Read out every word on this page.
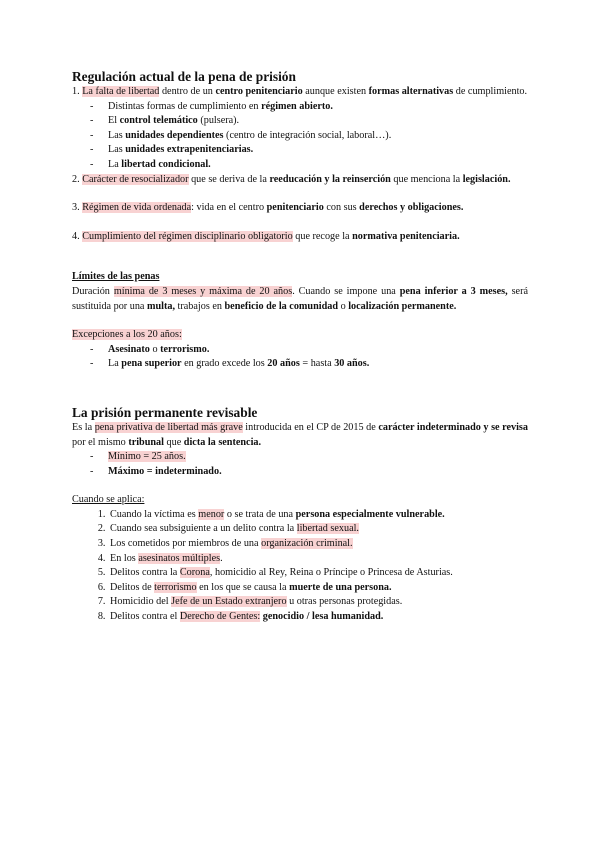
Regulación actual de la pena de prisión

1. La falta de libertad dentro de un centro penitenciario aunque existen formas alternativas de cumplimiento.

- Distintas formas de cumplimiento en régimen abierto.
- El control telemático (pulsera).
- Las unidades dependientes (centro de integración social, laboral…).
- Las unidades extrapenitenciarias.
- La libertad condicional.

2. Carácter de resocializador que se deriva de la reeducación y la reinserción que menciona la legislación.

3. Régimen de vida ordenada: vida en el centro penitenciario con sus derechos y obligaciones.

4. Cumplimiento del régimen disciplinario obligatorio que recoge la normativa penitenciaria.

Límites de las penas

Duración mínima de 3 meses y máxima de 20 años. Cuando se impone una pena inferior a 3 meses, será sustituida por una multa, trabajos en beneficio de la comunidad o localización permanente.

Excepciones a los 20 años:

- Asesinato o terrorismo.
- La pena superior en grado excede los 20 años = hasta 30 años.
La prisión permanente revisable

Es la pena privativa de libertad más grave introducida en el CP de 2015 de carácter indeterminado y se revisa por el mismo tribunal que dicta la sentencia.

- Mínimo = 25 años.
- Máximo = indeterminado.

Cuando se aplica:

1. Cuando la víctima es menor o se trata de una persona especialmente vulnerable.
2. Cuando sea subsiguiente a un delito contra la libertad sexual.
3. Los cometidos por miembros de una organización criminal.
4. En los asesinatos múltiples.
5. Delitos contra la Corona, homicidio al Rey, Reina o Príncipe o Princesa de Asturias.
6. Delitos de terrorismo en los que se causa la muerte de una persona.
7. Homicidio del Jefe de un Estado extranjero u otras personas protegidas.
8. Delitos contra el Derecho de Gentes: genocidio / lesa humanidad.
